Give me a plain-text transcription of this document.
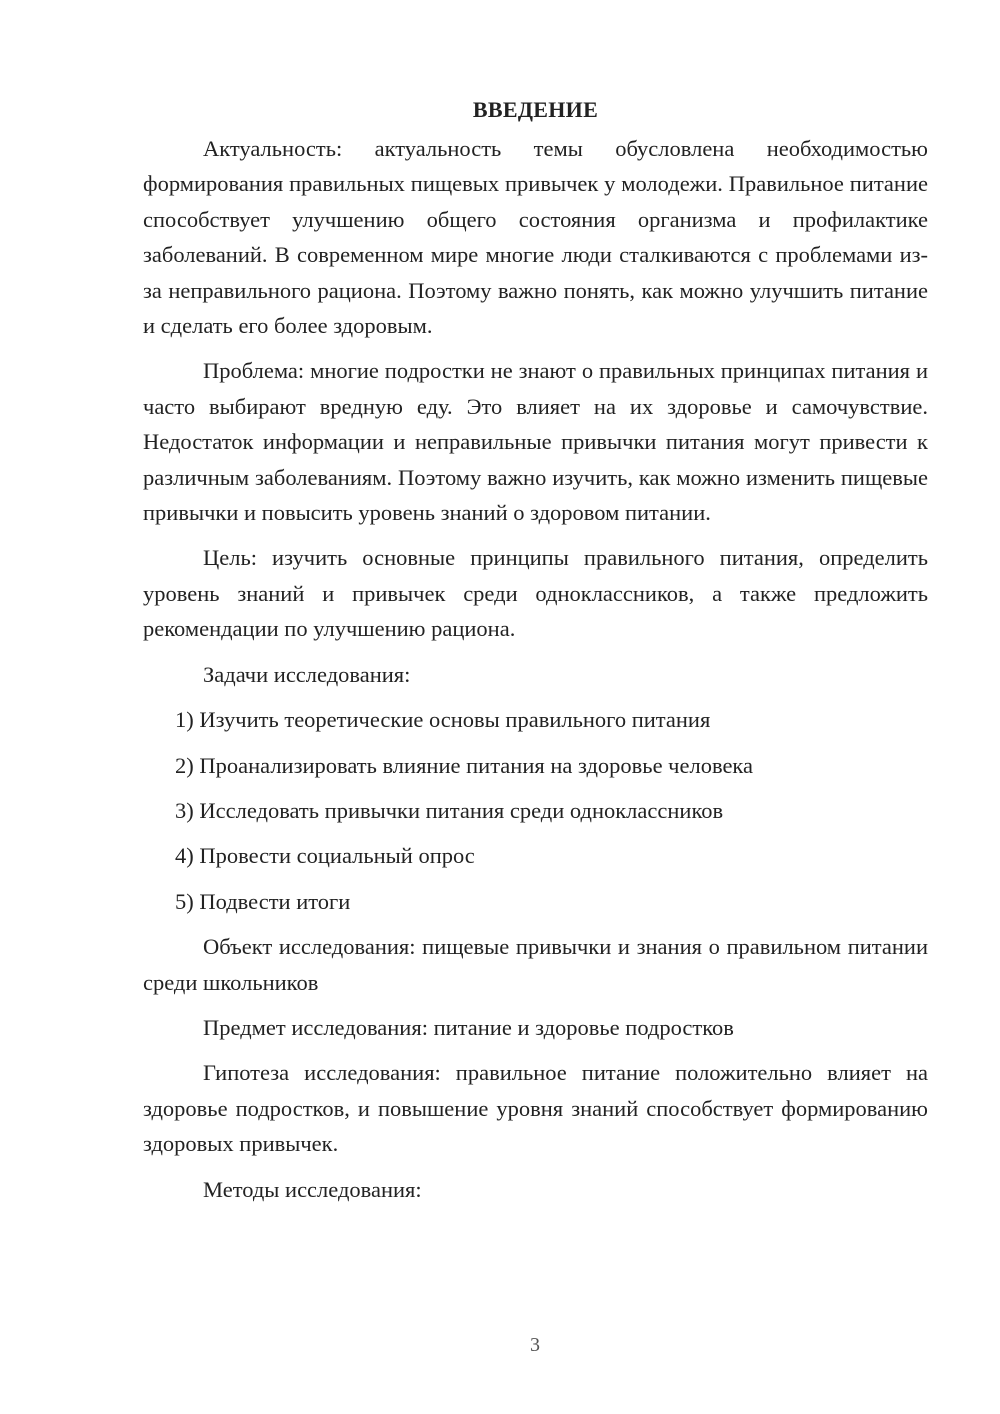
ВВЕДЕНИЕ

Актуальность: актуальность темы обусловлена необходимостью формирования правильных пищевых привычек у молодежи. Правильное питание способствует улучшению общего состояния организма и профилактике заболеваний. В современном мире многие люди сталкиваются с проблемами из-за неправильного рациона. Поэтому важно понять, как можно улучшить питание и сделать его более здоровым.

Проблема: многие подростки не знают о правильных принципах питания и часто выбирают вредную еду. Это влияет на их здоровье и самочувствие. Недостаток информации и неправильные привычки питания могут привести к различным заболеваниям. Поэтому важно изучить, как можно изменить пищевые привычки и повысить уровень знаний о здоровом питании.

Цель: изучить основные принципы правильного питания, определить уровень знаний и привычек среди одноклассников, а также предложить рекомендации по улучшению рациона.

Задачи исследования:

1) Изучить теоретические основы правильного питания
2) Проанализировать влияние питания на здоровье человека
3) Исследовать привычки питания среди одноклассников
4) Провести социальный опрос
5) Подвести итоги

Объект исследования: пищевые привычки и знания о правильном питании среди школьников

Предмет исследования: питание и здоровье подростков

Гипотеза исследования: правильное питание положительно влияет на здоровье подростков, и повышение уровня знаний способствует формированию здоровых привычек.

Методы исследования:

3
